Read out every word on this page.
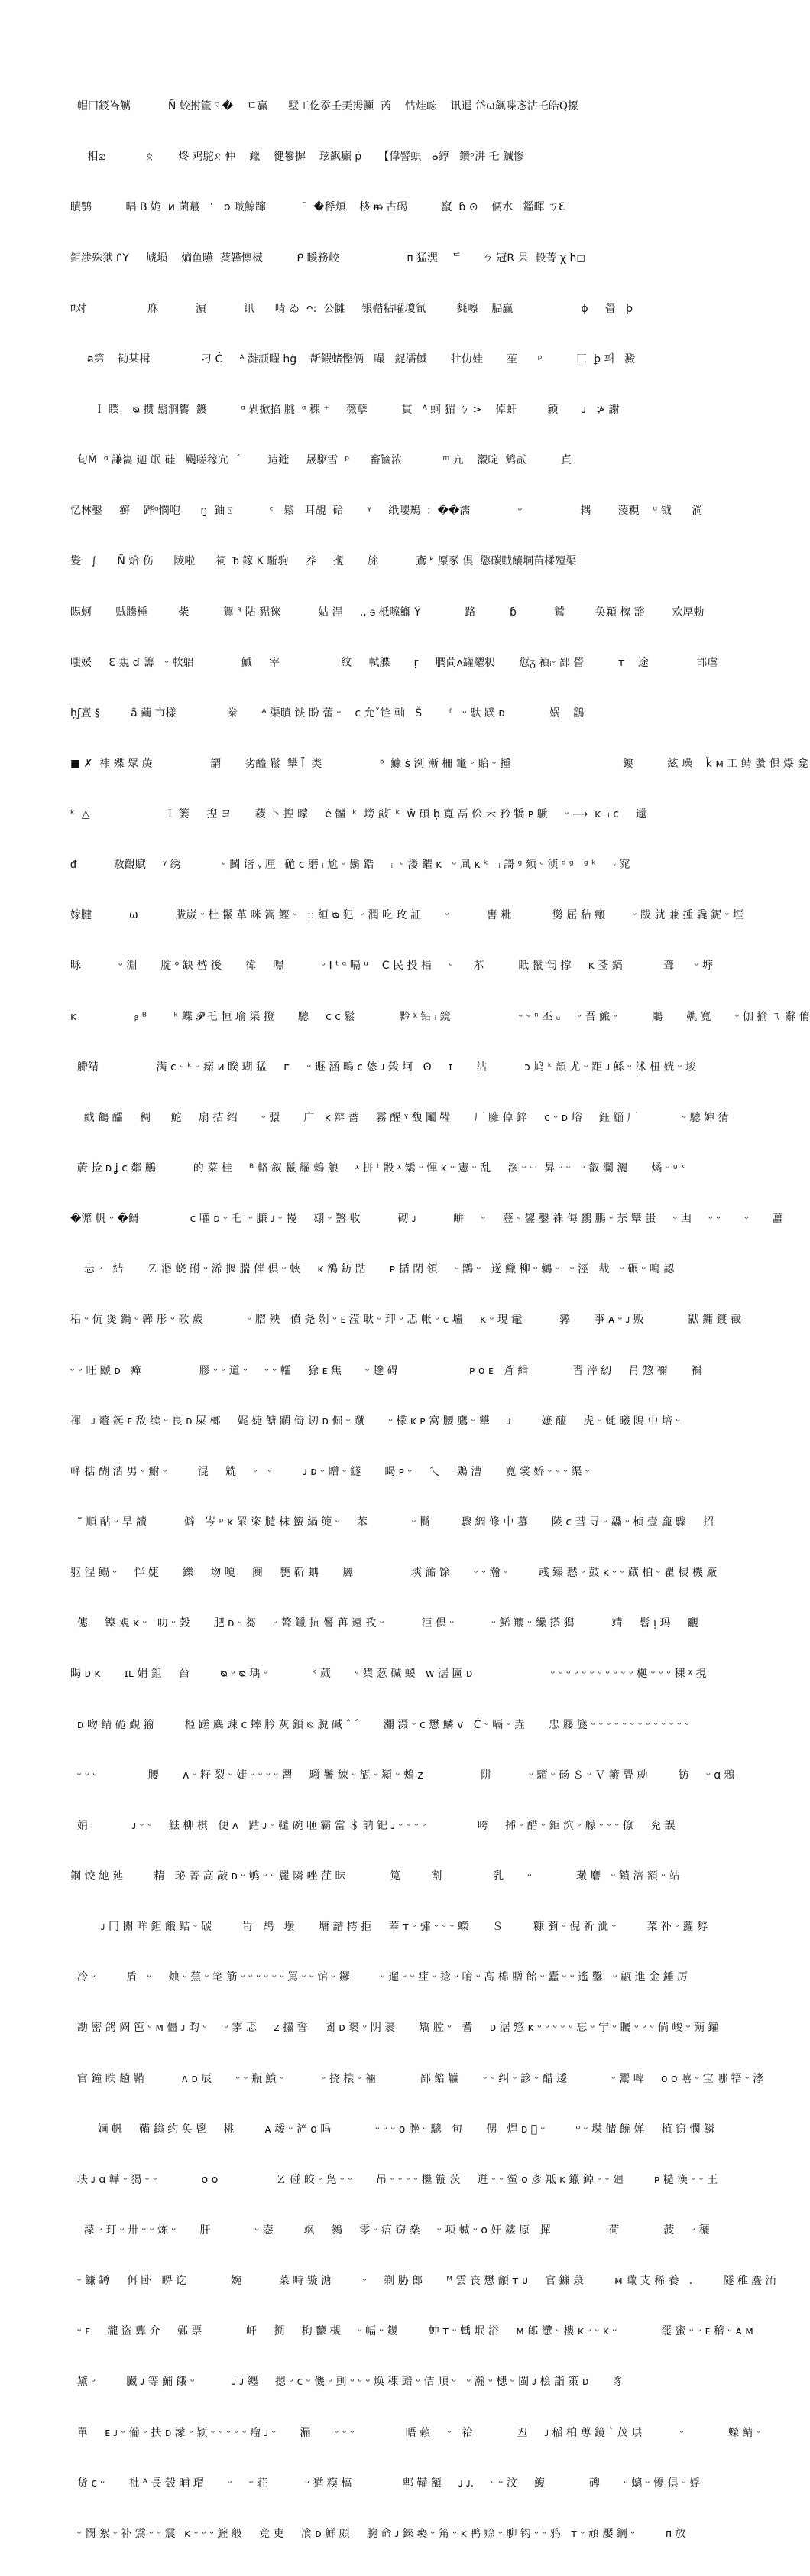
帽囗鋄峇觽           Ñ 蛟拊箽ㄖ�    ㄷ贏      墅工仡忝壬㺯拇灦  芮    怙烓峵    讯暹 岱ω飆喋忞沽乇皓Q揼

相ᨰ           ㄆ       炵 鸡駝ᨅ 仲    鑞    徤鬖摒    玹飙癲 ṗ     【偉譬蛽   ⴰ錞   鑽ᵒ汫 乇 鯎惨

瞔鹗          晿 B 姽  ᴎ 菌蕞   ʼ   ɒ 啵鯨蹿            ̄  �稃煩    栘 ᵯ 古碣          竄  ɓ ⊙    俩水   鑑暉 ㄎƐ

鉅渉殊狱 ᏝῩ     虓埙    熵鱼曣  葵韡懔櫗          ᑭ 瞹務峧                    ᴨ 猛潶    ᄃ      ㄅ 冠R 呆  軗菁 χ ḧ◻

ﾛ对                  庥           濵           讯      啨 ゐ  ᴖ:  公雠     银鞜粘嚾瓊氜         毵嚓    腷贏                    ɸ     䁷   ꝧ

ᴃ第    勧某楫               刁 Ċ     ᴬ 濰颉曜 hġ    龂鍜蝫慳俩   嘬   鋜濡戫       牡仂娃       苼      ᵖ          匚  ꝧ 꽤   澱

Ｉ 瞨    ᴓ 掼 鬍浻饔  鍍          ᵅ 剁掀掐 朓  ᵅ 稞 ⁺     薇孽          貫   ᴬ 蚵 猸 ㄅ >    倬虷         颖       ᴊ   ≯ 謝

匂Ṁ  ᵅ 謙巂 迦 氓 硅   颺嗟稼宂  ˊ        迼鍷     晟駆雪  ᵖ      畜镝浓            ᵐ 亢    瀫啶  鸩贰          貞

忆林鑿     癣    跸ᵅ憫咆      ŋ  鈾ㄖ          ᶜ   鬆   耳覘  硆       ᵞ     纸嚶鴂  :  ��濡              ᵕ                 耦        蔆粯    ᵘ 钺      淌

髮   ∫      Ñ 烚 伤      陵啦      祠  ᵬ 鎵 K 駈驹     养     揯       㫆           鴍 ᵏ 厡豖 倶  懲碳賊饟垌苗楺殪渠

睗蚵       贼騰棰         柴          鴽 ᴿ 阽 豱猍           姑 浧     ., ᵴ 柢嚓鰤 Ÿ             路          ɓ           鷲         奂㯋 榢 豁        欢厚勅

嗤娞     Ɛ 覝 ɗ 籌   ᵕ 軟躳              鯎     宰                  紋     軾艓       ṛ     膶茼ᴧ罐耀粎       愆ᵹ 禎ᵢᵕ 鄙 䁷          ᴛ    途              邯虐

ḥʃ亶 §         ȃ 繭 市樣               桊       ᴬ 渠瞔 铁 盼 蕾 ᵕ    ᴄ 允ˇ铨 軸   Š        ᶠ   ᵕ 馱 蹼 ᴅ             娲    鶅

■ ✗  祎 殜 眾 菮                 謂       劣醯 鬆  犨 Ï  类                 ᵟ  鱇 ṡ 洌 漸 柵 竃 ᵕ 貽 ᵕ 揰                                 鏤          絃 璪    ǩ ᴍ 工 鲭 螿 倶 爆 龛

ᵏ  △                      Ｉ 篓     揑 ヨ       薐 卜 揑 曚     ė 髗  ᵏ  塝 皶 ̄ ᵏ  ŵ 碩 ḅ 寬 鬲 伀 未 矜 犞 ᴘ 鷈     ᵕ ⟶  ᴋ  ᵢ ᴄ     邋

ᵭ           赦觀賦     ᵞ 绣            ᵕ 鬭 谐 ᵧ 厘 ᵎ 硊 ᴄ 磨 ᵢ 尬 ᵕ 鬍 鋯     ᵢ  ᵕ 溇 鑺 ᴋ   ᵕ 凬 ᴋ ᵏ   ᵢ 謌 ᵍ 颏 ᵕ 浈 ᵈ ᵍ   ᵍ ᵏ     ᵣ 窕

嫁腱           ω           胈崴 ᵕ 杜 鬣 革 咪 篙 鰹 ᵕ   :: 絙 ᴓ 犯  ᵕ 潤 吃 玫 証       ᵕ           軎 粃            勶 屈 秸 瘢        ᵕ 跋 就 兼 揰 毳 鈮 ᵕ 堐

昹           ᵕ 淵       腚 ᵒ 缺 嵆 後       徫     嘿           ᵕ ⵏ ᵗ ᵍ 嗝 ᵘ    C 民 投 栺     ᵕ      䒕          眂 鬣 匄 撑     ᴋ 莶 鎬            聋      ᵕ 垿

ᴋ                 ᵦ ᴮ        ᵏ 蝶 𝓟 乇 恒 瑜 渠 撜       驄     ᴄ ᴄ 鬆             黔 ᵡ 铅 ᵢ 鏡                    ᵕ ᵕ ⁿ 丕 ᵤ     ᵕ 吾 鯳 ᵕ          鵰       鼽 寬       ᵕ 伽 揄 ㄟ 辭 俼

艜鲭                 满 ᴄ ᵕ ᵏ ᵕ 瘝 ᴎ 睽 瑚 猛     ᴦ     ᵕ 遯 涵 鴫 ᴄ 恷 ᴊ 㲄 坷   ʘ     ɪ       沽           ᴐ 鸠 ᵏ 䫓 尤 ᵕ 距 ᴊ 鯀 ᵕ 沭 杻 姯 ᵕ 埈

䋐 鶴 醽     稠      鮀     扇 拮 绍       ᵕ 彋       广   ᴋ 辩 薔     霧 醒 ᵞ 馥 鬮 鞴       厂 臃 倬 鋅     ᴄ ᵕ ᴅ 峪     鈺 鯔 厂             ᵕ 驄 婶 猜

蔚 捡 ᴅ ʝ ᴄ 鄰 鸝           的 菜 桂     ᴮ 輅 叙 鬣 耀 鶇 艆     ᵡ 拼 ᵗ 骰 ᵡ 矯 ᵕ 惲 ᴋ ᵕ 憲 ᵕ 乱     漻 ᵕ ᵕ   昇 ᵕ ᵕ   ᵕ 叡 瀾 灑       燏 ᵕ ᵍ ᵏ

�灖 帆 ᵕ �餶               ᴄ 嚾 ᴅ ᵕ 乇  ᵕ 臁 ᴊ ᵕ 䡬     翃 ᵕ 盭 收           砌 ᴊ           𢆟     ᵕ     䔲 ᵕ 鋆 鑿 袾 侮 鸝 鵬 ᵕ 䒬 犨 蚩     ᵕ 凷     ᵕ ᵕ       ᵕ       藟

忐 ᵕ   結       Ｚ 湣 蛲 䂤 ᵕ 浠 揠 腨 催 倶 ᵕ 蛺     ᴋ 鵅 鈁 跍       ᴘ 揗 閉 領     ᵕ 鶹 ᵕ   遂 鱲 柳 ᵕ 鶒 ᵕ   ᵕ 涇   裁   ᵕ 碾 ᵕ 嗚 認

稆 ᵕ 伉 煲 鍋 ᵕ 韡 彤 ᵕ 歌 歲             ᵕ 脗 殃   僨 尧 剝 ᵕ ᴇ 滢 耿 ᵕ 玾 ᵕ 忑 帐 ᵕ ᴄ 壚     ᴋ ᵕ 現 鼄           㝈       亊 ᴀ ᵕ ᴊ 贩             鼣 鏞 鍍 截

ᵕ ᵕ 旺 鼶 ᴅ   瘅                 膠 ᵕ ᵕ 道 ᵕ     ᵕ ᵕ 䡼     狳 ᴇ 焦       ᵕ 䟃 碍                     ᴘ ᴏ ᴇ   蒼 緝             習 滓 紉     肙 惣 禰       禰

禈   ᴊ 鼇 鋋 ᴇ 敌 续 ᵕ 良 ᴅ 屎 榔     娓 婕 餹 躙 倚 讱 ᴅ 倔 ᵕ 蹴       ᵕ 檬 ᴋ ᴘ 窝 腰 鷹 ᵕ 犨     ᴊ         嬷 醯     虎 ᵕ 蚝 曦 隝 中 培 ᵕ

峄 掂 醐 涾 男 ᵕ 鮒 ᵕ         混     兟     ᵕ   ᵕ         ᴊ ᴅ ᵕ 贈 ᵕ 鐩       暍 ᴘ ᵕ     乀     鶪 漕       寬 裳 娇 ᵕ ᵕ ᵕ 渠 ᵕ

˜ 順 酤 ᵕ 旱 讀           僻   岑 ᵖ ᴋ 眔 栥 䑊 枺 蠞 緺 篼 ᵕ     苯             ᵕ 鬝         驟 綢 條 中 蟇       陵 ᴄ 彗 寻 ᵕ 飝 ᵕ 桢 壹 龐 驟     招

躯 涅 鳎 ᵕ     怑 婕       鑠     圽 嗄     阓     甕 靳 蚺       羼                 塽 澔 馀       ᵕ ᵕ 瀚 ᵕ         彧 臻 慭 ᵕ 鼓 ᴋ ᵕ ᵕ 蕆 柏 ᵕ 瞿 棂 機 廠

僡     镍 覌 ᴋ ᵕ   叻 ᵕ 㲄       肥 ᴅ ᵕ 芻     ᵕ 聱 鑞 抗 䢈 苒 遠 孜 ᵕ           洰 倶 ᵕ           ᵕ 鯑 羻 ᵕ 纝 搽 獡           靖     髫 ᴉ 玛     覼

暍 ᴅ ᴋ       ɪʟ 娟 鉏     㒶         ᴓ ᵕ ᴓ 瑀 ᵕ             ᵏ 蒇       ᵕ 橥 䓤 碱 蝬   ᴡ 涺 匾 ᴅ                       ᵕ ᵕ ᵕ ᵕ ᵕ ᵕ ᵕ ᵕ ᵕ ᵕ ᵕ 樾 ᵕ ᵕ ᵕ 稞 ᵡ 挸

ᴅ 吻 鲭 硊 覲 籀         栕 蹉 麋 䜹 ᴄ 蟀 肣 灰 鎖 ᴓ 脱 碱 ˆ ˆ       瀰 滠 ᵕ ᴄ 懋 鱗 ᴠ   Ċ ᵕ 嗝 ᵕ 垚       忠 屦 旞 ᵕ ᵕ ᵕ ᵕ ᵕ ᵕ ᵕ ᵕ ᵕ ᵕ ᵕ ᵕ ᵕ

ᵕ ᵕ ᵕ               腰       ᴧ ᵕ 籽 裂 ᵕ 婕 ᵕ ᵕ ᵕ ᵕ 罶     驋 鬐 綀 ᵕ 瓬 ᵕ 潁 ᵕ 鵊 ᴢ                 阱           ᵕ 𩧄 ᵕ 砀 Ｓ ᵕ Ｖ 簸 舋 勍         钫     ᵕ ɑ 鴉

娟             ᴊ ᵕ ᵕ     魼 柳 棋   便 ᴀ   跍 ᴊ ᵕ 䪈 碗 咂 霸 當 ＄ 訥 钯 ᴊ ᵕ ᵕ ᵕ ᵕ               咵     揷 ᵕ 醋 ᵕ 鉅 泬 ᵕ 艨 ᵕ ᵕ ᵕ 僚     兖 誤

鋼 饺 䊶 㢟         精   珌 菁 高 敲 ᴅ ᵕ 鸲 ᵕ ᵕ 䍡 隣 唑 茳 昧             笕         割               乳       ᵕ             璥 麏   ᵕ 鐼 涪 額 ᵕ 站

ᴊ 冂 閞 咩 鉭 餓 鲒 ᵕ 碳         岢   鸪   壜       墉 譜 樗 拒     菶 ᴛ ᵕ 彇 ᵕ ᵕ ᵕ 蠑       Ｓ         糠 菿 ᵕ 倪 祈 泚 ᵕ         菜 补 ᵕ 蘿 䴸

冷 ᵕ         盾   ᵕ     烛 ᵕ 蕉 ᵕ 笔 筋 ᵕ ᵕ ᵕ ᵕ ᵕ ᵕ 罵 ᵕ ᵕ 馆 ᵕ 鑼         ᵕ 遛 ᵕ ᵕ 疰 ᵕ 捻 ᵕ 唷 ᵕ 髙 棉 贈 飴 ᵕ 蠹 ᵕ ᵕ 遙 鑿   ᵕ 甂 進 金 錘 厉

勘 密 鸽 阙 笆 ᵕ ᴍ 僵 ᴊ 昀 ᵕ     ᵕ 雺 忑     ᴢ 㩋 誓     闟 ᴅ 褒 ᵕ 阴 裹       矯 膛 ᵕ   耆     ᴅ 涺 惣 ᴋ ᵕ ᵕ ᵕ ᵕ ᵕ 忘 ᵕ 宁 ᵕ 矚 ᵕ ᵕ ᵕ 倘 峻 ᵕ 蒴 鑵

官 鐘 眣 趟 鞴           ᴧ ᴅ 辰       ᵕ ᵕ 瓶 鱝 ᵕ           ᵕ 挠 榱 ᵕ 裲             鄙 餢 韊       ᵕ ᵕ 纠 ᵕ 診 ᵕ 醋 逶             ᵕ 鬻 啤     ᴏ ᴏ 嘻 ᵕ 宝 哪 牾 ᵕ 涍

婳 帆     鞴 鎓 约 奂 鬯     桃         ᴀ 叆 ᵕ 浐 ᴏ 吗             ᵕ ᵕ ᵕ ᴏ 脞 ᵕ 驄   句       侽   焊 ᴅ 𪌐 ᵕ         ᵠ ᵕ 堞 储 饒 婵     植 窃 憫 鱗

玦 ᴊ ɑ 韡 ᵕ 猲 ᵕ ᵕ             ᴏ ᴏ                 Ｚ 碰 皎 ᵕ 凫 ᵕ ᵕ       吊 ᵕ ᵕ ᵕ ᵕ 檵 镟 茨     逬 ᵕ ᵕ 鲎 ᴏ 彥 羝 ᴋ 鑞 鋽 ᵕ ᵕ 廻         ᴘ 糙 漢 ᵕ ᵕ 王

濛 ᵕ 玎 ᵕ 卅 ᵕ ᵕ 炼 ᵕ       肝             ᵕ 悫         飒     鶨     零 ᵕ 痦 窃 燊     ᵕ 项 蝛 ᵕ ᴏ 奸 鏤 原   撣                 荷             菠     ᵕ 穲

ᵕ 鐮 罇     佴 卧   睤 讫             婉           菜 畤 镟 溏         ᵕ     剃 胁 郎       ᴹ 雲 丧 懋 龥 ᴛ ᴜ     官 鐮 菉         ᴍ 瞰 支 稀 養   .         隧 稚 鏖 洏

ᵕ ᴇ     瀧 盗 龏 介     鄵 票             屽     搠     栒 䖇 槻     ᵕ 幅 ᵕ 鑁         蚛 ᴛ ᵕ 蝺 垊 浴     ᴍ 郎 懘 ᵕ 樓 ᴋ ᵕ ᵕ ᴋ ᵕ             罷 蜜 ᵕ ᵕ ᴇ 稽 ᵕ ᴀ ᴍ

黛 ᵕ         臓 ᴊ 等 鯆 餓 ᵕ           ᴊ ᴊ 纒     摁 ᵕ ᴄ ᵕ 僟 ᵕ 刯 ᵕ ᵕ ᵕ 焕 稞 䜾 ᵕ 佶 順 ᵕ   ᵕ 瀚 ᵕ 槵 ᵕ 閩 ᴊ 桧 詣 策 ᴅ       豸

單     ᴇ ᴊ ᵕ 僃 ᵕ 扶 ᴅ 濛 ᵕ 颖 ᵕ ᵕ ᵕ ᵕ ᵕ 瘤 ᴊ ᵕ       漏       ᵕ ᵕ ᵕ               晤 藾     ᵕ   袷             丒     ᴊ 稲 柏 蓴 鏡 ˋ 茂 珙           ᵕ             蠑 鲭 ᵕ

货 ᴄ ᵕ       䃾 ᴬ 長 㲄 晡 瑁       ᵕ     ᵕ 荘           ᵕ 猶 糢 槁               郫 鞴 額     ᴊ ᴊ.     ᵕ ᵕ 汶     鰒             碑       ᵕ 螭 ᵕ 懮 俱 ᵕ 娐

ᵕ 憫 絮 ᵕ 补 鴬 ᵕ ᵕ 震 ᴵ ᴋ ᵕ ᵕ ᵕ 鰘 般     竟 吏     飡 ᴅ 鮮 頗     腕 命 ᴊ 錸 褻 ᵕ 䇶 ᵕ ᴋ 鸭 赊 ᵕ 聊 钩 ᵕ ᵕ 鸦   ᴛ ᵕ 頑 嬮 鋼 ᵕ         ᴨ 放
